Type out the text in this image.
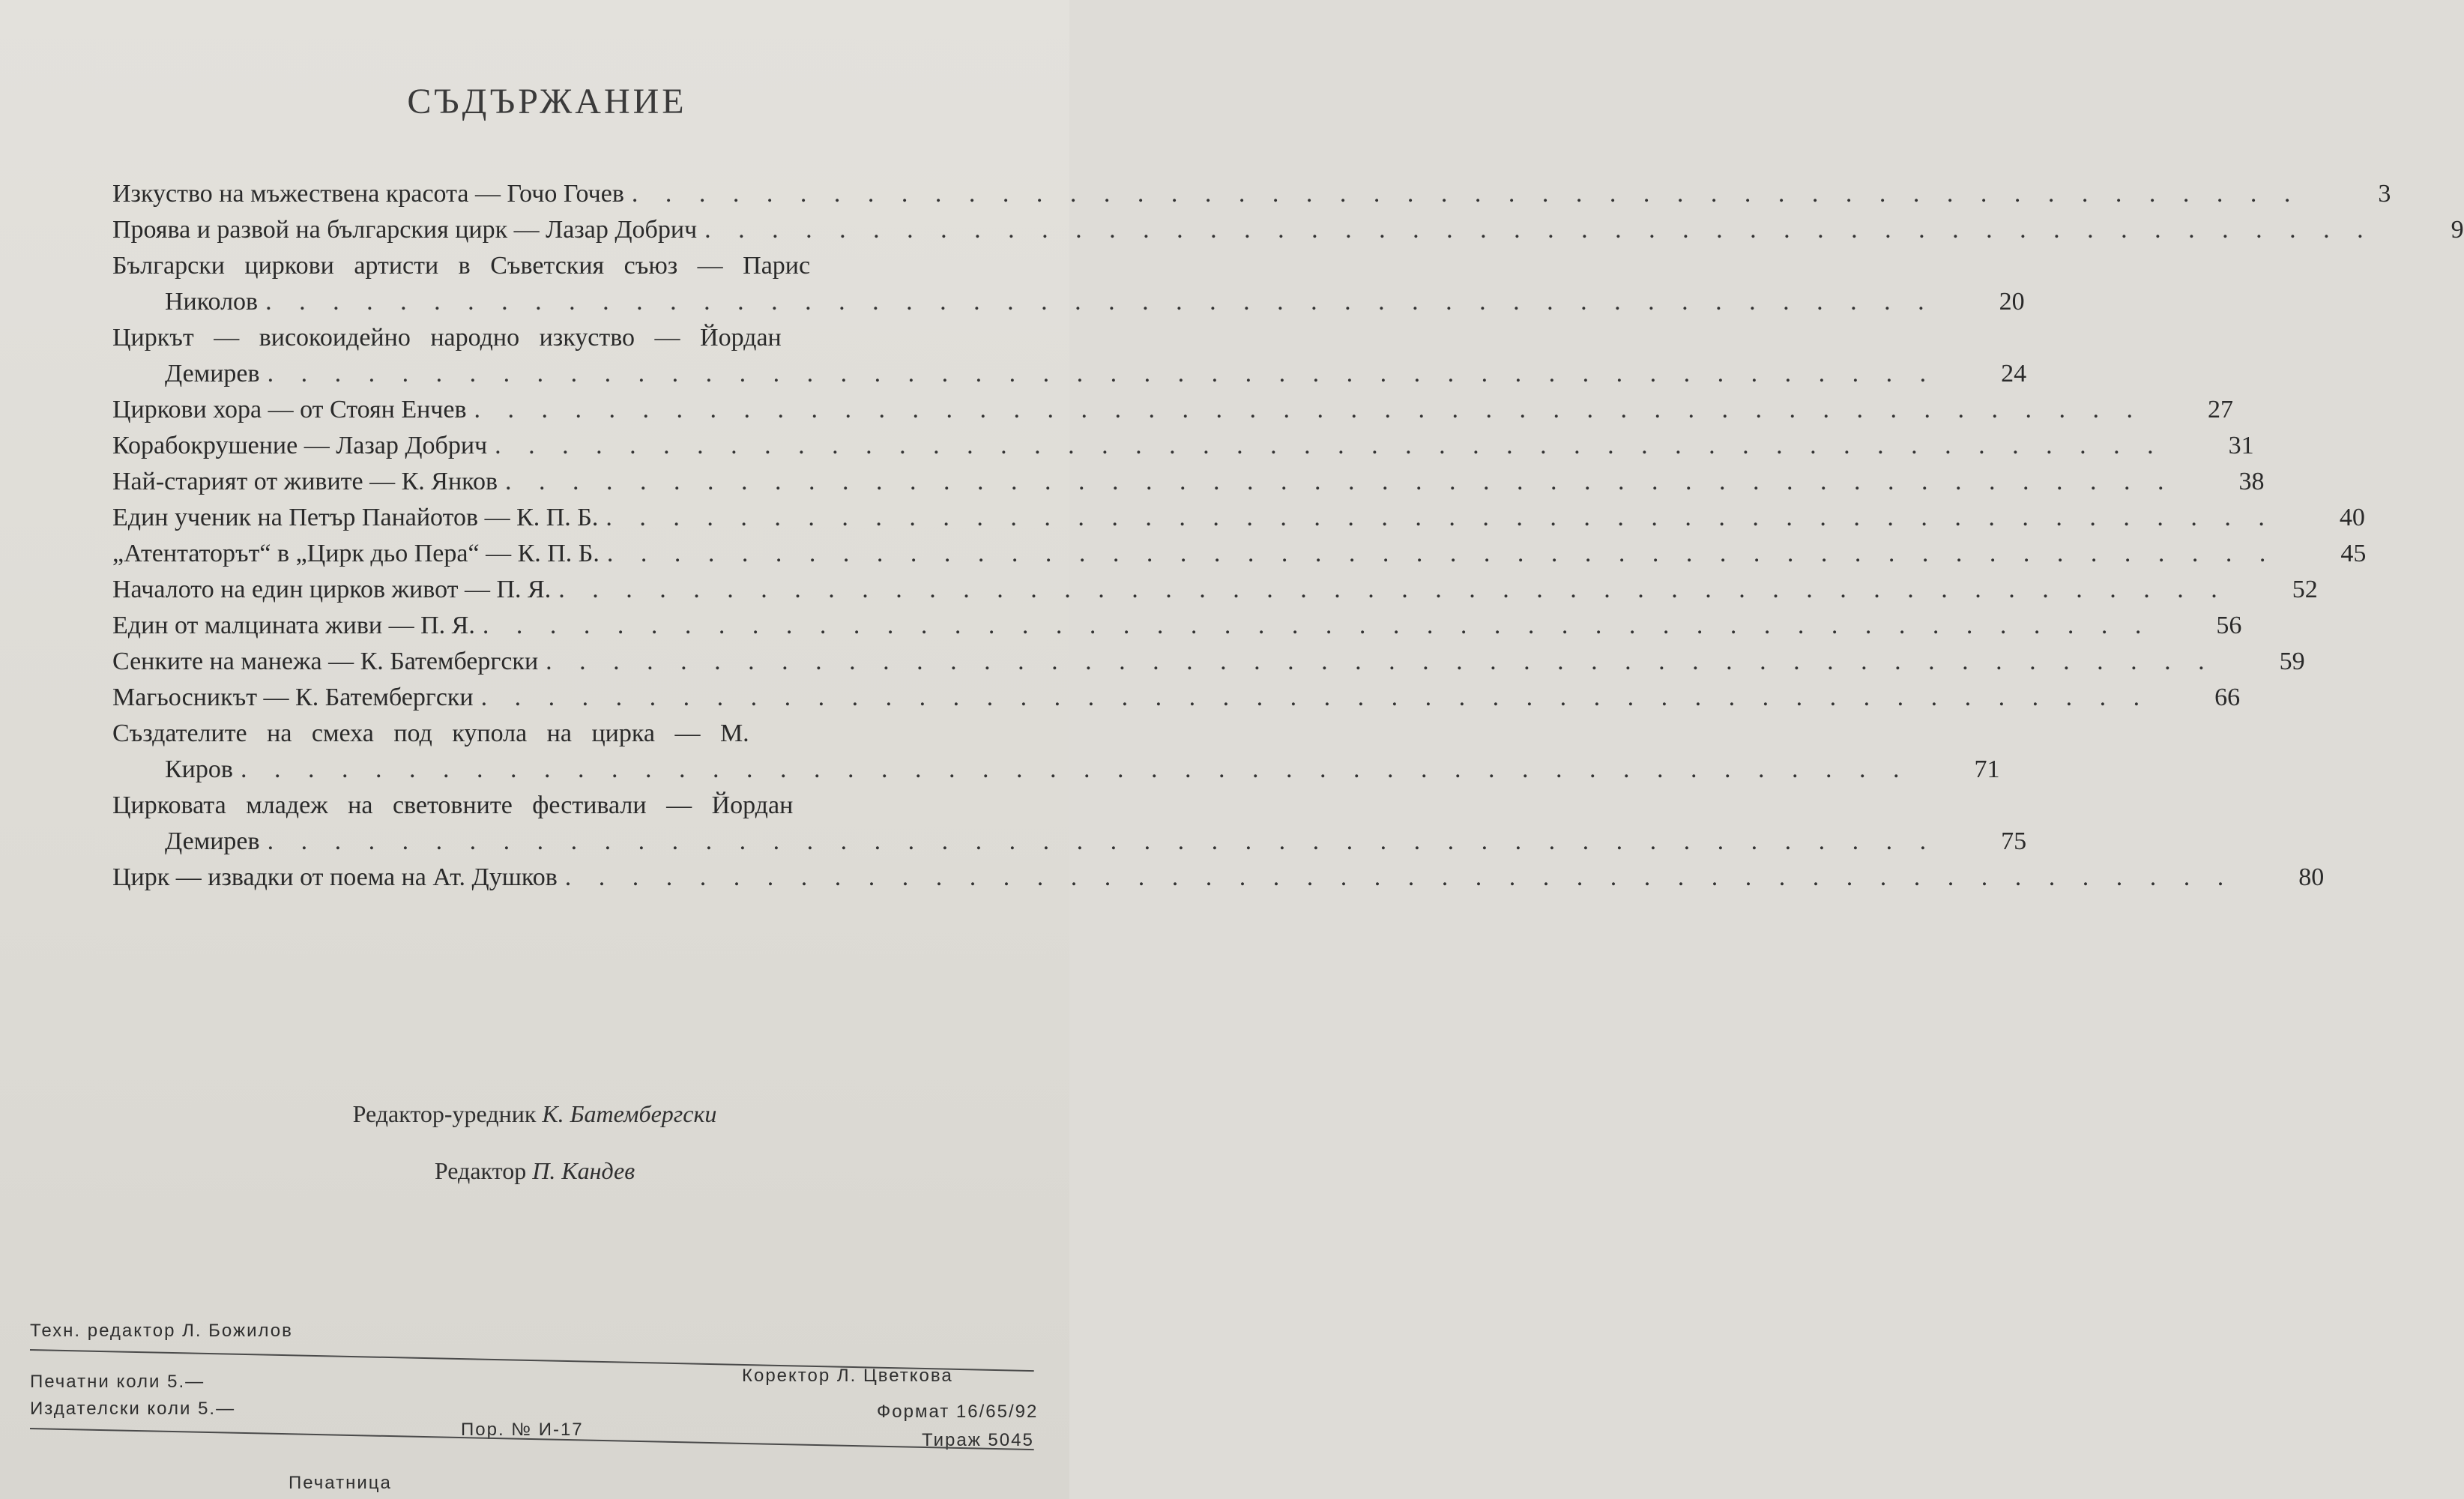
СЪДЪРЖАНИЕ
Изкуство на мъжествена красота — Гочо Гочев . . . . . . . . . . . . . . . . . . . . . . . . . . . . . . . . . . . . . . . . . . . . . . . . . .	3
Проява и развой на българския цирк — Лазар Добрич . . . . . . . . . . . . . . . . . . . . . . . . . . . . . . . . . . . . . . . . . . . . . . . . . .	9
Български циркови артисти в Съветския съюз — Парис
Николов . . . . . . . . . . . . . . . . . . . . . . . . . . . . . . . . . . . . . . . . . . . . . . . . . .	20
Циркът — високоидейно народно изкуство — Йордан
Демирев . . . . . . . . . . . . . . . . . . . . . . . . . . . . . . . . . . . . . . . . . . . . . . . . . .	24
Циркови хора — от Стоян Енчев . . . . . . . . . . . . . . . . . . . . . . . . . . . . . . . . . . . . . . . . . . . . . . . . . .	27
Корабокрушение — Лазар Добрич . . . . . . . . . . . . . . . . . . . . . . . . . . . . . . . . . . . . . . . . . . . . . . . . . .	31
Най-старият от живите — К. Янков . . . . . . . . . . . . . . . . . . . . . . . . . . . . . . . . . . . . . . . . . . . . . . . . . .	38
Един ученик на Петър Панайотов — К. П. Б. . . . . . . . . . . . . . . . . . . . . . . . . . . . . . . . . . . . . . . . . . . . . . . . . . .	40
„Атентаторът“ в „Цирк дьо Пера“ — К. П. Б. . . . . . . . . . . . . . . . . . . . . . . . . . . . . . . . . . . . . . . . . . . . . . . . . . .	45
Началото на един цирков живот — П. Я. . . . . . . . . . . . . . . . . . . . . . . . . . . . . . . . . . . . . . . . . . . . . . . . . . .	52
Един от малцината живи — П. Я. . . . . . . . . . . . . . . . . . . . . . . . . . . . . . . . . . . . . . . . . . . . . . . . . . .	56
Сенките на манежа — К. Батембергски . . . . . . . . . . . . . . . . . . . . . . . . . . . . . . . . . . . . . . . . . . . . . . . . . .	59
Магьосникът — К. Батембергски . . . . . . . . . . . . . . . . . . . . . . . . . . . . . . . . . . . . . . . . . . . . . . . . . .	66
Създателите на смеха под купола на цирка — М.
Киров . . . . . . . . . . . . . . . . . . . . . . . . . . . . . . . . . . . . . . . . . . . . . . . . . .	71
Цирковата младеж на световните фестивали — Йордан
Демирев . . . . . . . . . . . . . . . . . . . . . . . . . . . . . . . . . . . . . . . . . . . . . . . . . .	75
Цирк — извадки от поема на Ат. Душков . . . . . . . . . . . . . . . . . . . . . . . . . . . . . . . . . . . . . . . . . . . . . . . . . .	80
Редактор-уредник К. Батембергски
Редактор П. Кандев
Техн. редактор Л. Божилов
Коректор Л. Цветкова
Печатни коли 5.—
Издателски коли 5.—
Пор. № И-17
Формат 16/65/92
Тираж 5045
Печатница
